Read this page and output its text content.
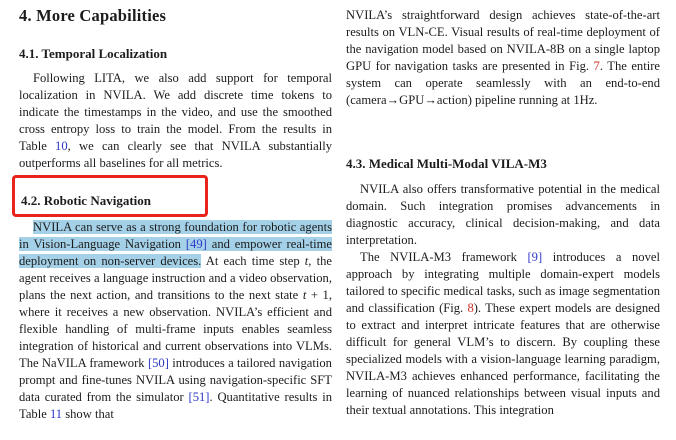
4. More Capabilities
4.1. Temporal Localization

Following LITA, we also add support for temporal localization in NVILA. We add discrete time tokens to indicate the timestamps in the video, and use the smoothed cross entropy loss to train the model. From the results in Table 10, we can clearly see that NVILA substantially outperforms all baselines for all metrics.

4.2. Robotic Navigation

NVILA can serve as a strong foundation for robotic agents in Vision-Language Navigation [49] and empower real-time deployment on non-server devices. At each time step t, the agent receives a language instruction and a video observation, plans the next action, and transitions to the next state t + 1, where it receives a new observation. NVILA’s efficient and flexible handling of multi-frame inputs enables seamless integration of historical and current observations into VLMs. The NaVILA framework [50] introduces a tailored navigation prompt and fine-tunes NVILA using navigation-specific SFT data curated from the simulator [51]. Quantitative results in Table 11 show that

NVILA’s straightforward design achieves state-of-the-art results on VLN-CE. Visual results of real-time deployment of the navigation model based on NVILA-8B on a single laptop GPU for navigation tasks are presented in Fig. 7. The entire system can operate seamlessly with an end-to-end (camera→GPU→action) pipeline running at 1Hz.

4.3. Medical Multi-Modal VILA-M3

NVILA also offers transformative potential in the medical domain. Such integration promises advancements in diagnostic accuracy, clinical decision-making, and data interpretation.

The NVILA-M3 framework [9] introduces a novel approach by integrating multiple domain-expert models tailored to specific medical tasks, such as image segmentation and classification (Fig. 8). These expert models are designed to extract and interpret intricate features that are otherwise difficult for general VLM’s to discern. By coupling these specialized models with a vision-language learning paradigm, NVILA-M3 achieves enhanced performance, facilitating the learning of nuanced relationships between visual inputs and their textual annotations. This integration
